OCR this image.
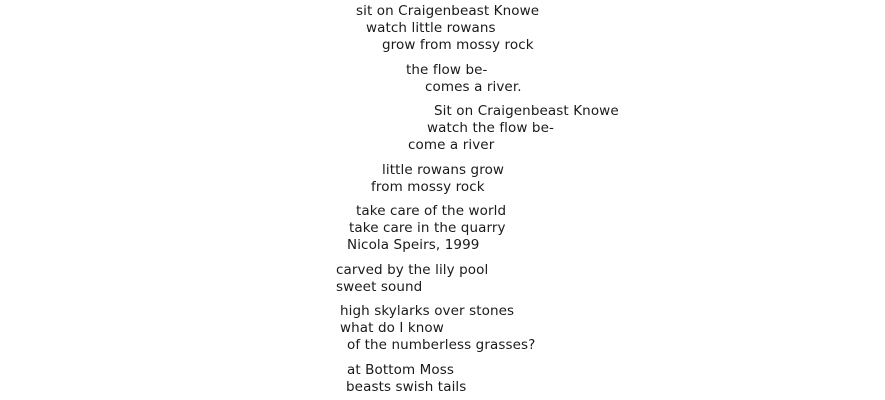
sit on Craigenbeast Knowe
watch little rowans
grow from mossy rock
the flow be-
comes a river.
Sit on Craigenbeast Knowe
watch the flow be-
come a river
little rowans grow
from mossy rock
take care of the world
take care in the quarry
Nicola Speirs, 1999
carved by the lily pool
sweet sound
high skylarks over stones
what do I know
of the numberless grasses?
at Bottom Moss
beasts swish tails
